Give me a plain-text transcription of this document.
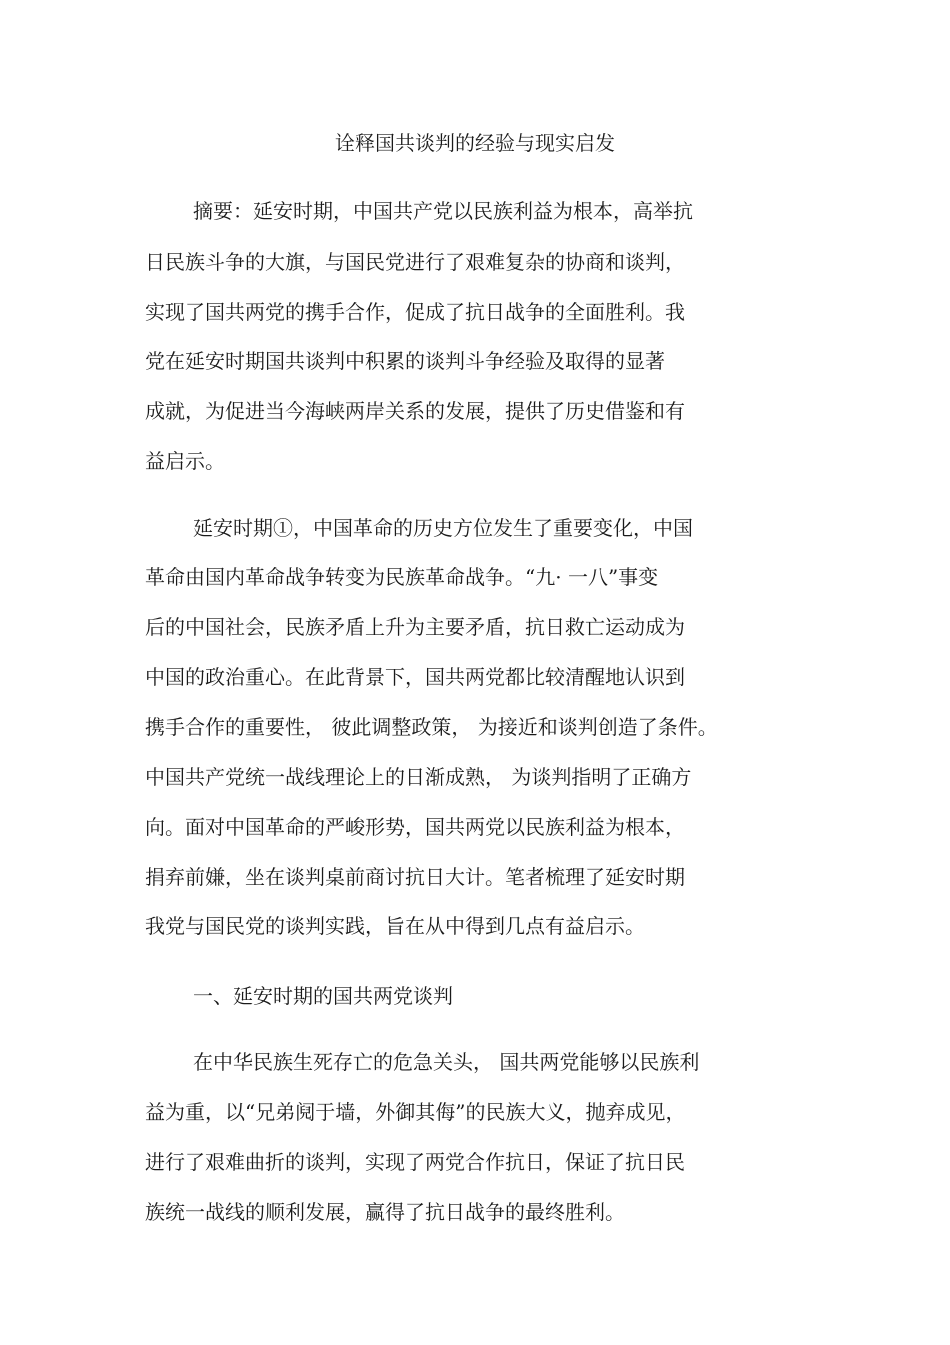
诠释国共谈判的经验与现实启发
摘要：延安时期，中国共产党以民族利益为根本，高举抗
日民族斗争的大旗，与国民党进行了艰难复杂的协商和谈判，
实现了国共两党的携手合作，促成了抗日战争的全面胜利。我
党在延安时期国共谈判中积累的谈判斗争经验及取得的显著
成就，为促进当今海峡两岸关系的发展，提供了历史借鉴和有
益启示。
延安时期①，中国革命的历史方位发生了重要变化，中国
革命由国内革命战争转变为民族革命战争。“九· 一八”事变
后的中国社会，民族矛盾上升为主要矛盾，抗日救亡运动成为
中国的政治重心。在此背景下，国共两党都比较清醒地认识到
携手合作的重要性， 彼此调整政策， 为接近和谈判创造了条件。
中国共产党统一战线理论上的日渐成熟， 为谈判指明了正确方
向。面对中国革命的严峻形势，国共两党以民族利益为根本，
捐弃前嫌，坐在谈判桌前商讨抗日大计。笔者梳理了延安时期
我党与国民党的谈判实践，旨在从中得到几点有益启示。
一、延安时期的国共两党谈判
在中华民族生死存亡的危急关头， 国共两党能够以民族利
益为重，以“兄弟阋于墙，外御其侮”的民族大义，抛弃成见，
进行了艰难曲折的谈判，实现了两党合作抗日，保证了抗日民
族统一战线的顺利发展，赢得了抗日战争的最终胜利。
